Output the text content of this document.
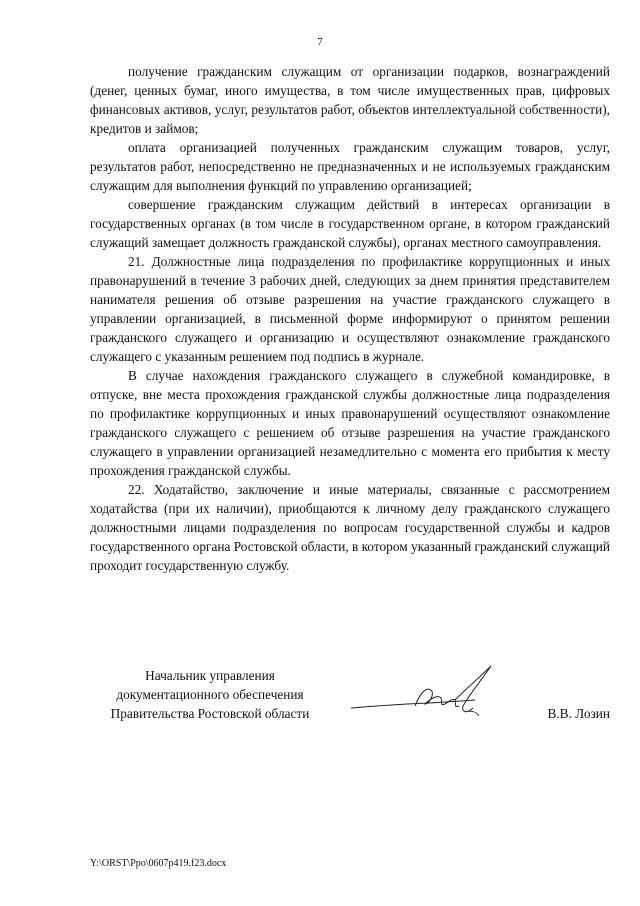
7

получение гражданским служащим от организации подарков, вознаграждений (денег, ценных бумаг, иного имущества, в том числе имущественных прав, цифровых финансовых активов, услуг, результатов работ, объектов интеллектуальной собственности), кредитов и займов;

оплата организацией полученных гражданским служащим товаров, услуг, результатов работ, непосредственно не предназначенных и не используемых гражданским служащим для выполнения функций по управлению организацией;

совершение гражданским служащим действий в интересах организации в государственных органах (в том числе в государственном органе, в котором гражданский служащий замещает должность гражданской службы), органах местного самоуправления.

21. Должностные лица подразделения по профилактике коррупционных и иных правонарушений в течение 3 рабочих дней, следующих за днем принятия представителем нанимателя решения об отзыве разрешения на участие гражданского служащего в управлении организацией, в письменной форме информируют о принятом решении гражданского служащего и организацию и осуществляют ознакомление гражданского служащего с указанным решением под подпись в журнале.

В случае нахождения гражданского служащего в служебной командировке, в отпуске, вне места прохождения гражданской службы должностные лица подразделения по профилактике коррупционных и иных правонарушений осуществляют ознакомление гражданского служащего с решением об отзыве разрешения на участие гражданского служащего в управлении организацией незамедлительно с момента его прибытия к месту прохождения гражданской службы.

22. Ходатайство, заключение и иные материалы, связанные с рассмотрением ходатайства (при их наличии), приобщаются к личному делу гражданского служащего должностными лицами подразделения по вопросам государственной службы и кадров государственного органа Ростовской области, в котором указанный гражданский служащий проходит государственную службу.

Начальник управления
документационного обеспечения
Правительства Ростовской области	В.В. Лозин
Y:\ORST\Ppo\0607p419.f23.docx
